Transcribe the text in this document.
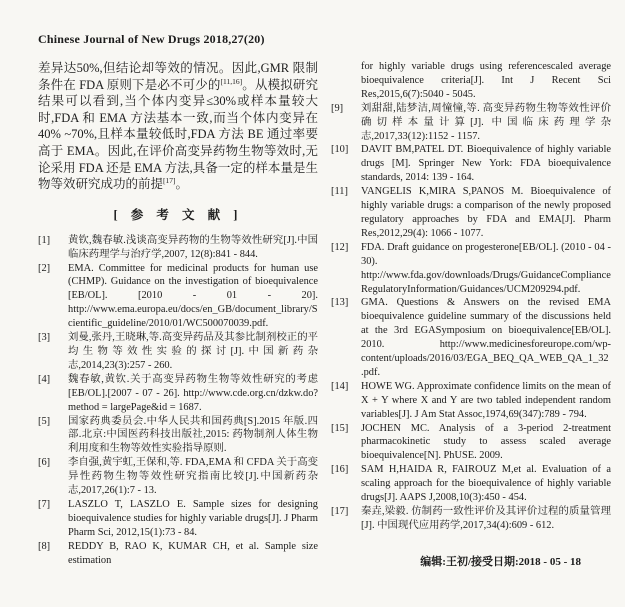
Chinese Journal of New Drugs 2018,27(20)

差异达50%,但结论却等效的情况。因此,GMR 限制条件在 FDA 原则下是必不可少的[11,16]。从模拟研究结果可以看到,当个体内变异≤30%或样本量较大时,FDA 和 EMA 方法基本一致,而当个体内变异在40% ~70%,且样本量较低时,FDA 方法 BE 通过率要高于 EMA。因此,在评价高变异药物生物等效时,无论采用 FDA 还是 EMA 方法,具备一定的样本量是生物等效研究成功的前提[17]。

[ 参 考 文 献 ]
[1]	黄钦,魏春敏.浅谈高变异药物的生物等效性研究[J].中国临床药理学与治疗学,2007, 12(8):841 - 844.
[2]	EMA. Committee for medicinal products for human use (CHMP). Guidance on the investigation of bioequivalence [EB/OL]. [2010 - 01 - 20]. http://www.ema.europa.eu/docs/en_GB/document_library/Scientific_guideline/2010/01/WC500070039.pdf.
[3]	刘曼,张丹,王晓琳,等.高变异药品及其参比制剂校正的平均生物等效性实验的探讨[J].中国新药杂志,2014,23(3):257 - 260.
[4]	魏春敏,黄钦.关于高变异药物生物等效性研究的考虑[EB/OL].[2007 - 07 - 26]. http://www.cde.org.cn/dzkw.do?method = largePage&id = 1687.
[5]	国家药典委员会.中华人民共和国药典[S].2015 年版.四部.北京:中国医药科技出版社,2015: 药物制剂人体生物利用度和生物等效性实验指导原则.
[6]	李自强,黄宇虹,王保和,等. FDA,EMA 和 CFDA 关于高变异性药物生物等效性研究指南比较[J].中国新药杂志,2017,26(1):7 - 13.
[7]	LASZLO T, LASZLO E. Sample sizes for designing bioequivalence studies for highly variable drugs[J]. J Pharm Pharm Sci, 2012,15(1):73 - 84.
[8]	REDDY B, RAO K, KUMAR CH, et al. Sample size estimation

for highly variable drugs using referencescaled average bioequivalence criteria[J]. Int J Recent Sci Res,2015,6(7):5040 - 5045.

[9]	刘甜甜,陆梦洁,周憧憧,等. 高变异药物生物等效性评价确切样本量计算[J]. 中国临床药理学杂志,2017,33(12):1152 - 1157.
[10]	DAVIT BM,PATEL DT. Bioequivalence of highly variable drugs [M]. Springer New York: FDA bioequivalence standards, 2014: 139 - 164.
[11]	VANGELIS K,MIRA S,PANOS M. Bioequivalence of highly variable drugs: a comparison of the newly proposed regulatory approaches by FDA and EMA[J]. Pharm Res,2012,29(4): 1066 - 1077.
[12]	FDA. Draft guidance on progesterone[EB/OL]. (2010 - 04 - 30). http://www.fda.gov/downloads/Drugs/GuidanceComplianceRegulatoryInformation/Guidances/UCM209294.pdf.
[13]	GMA. Questions & Answers on the revised EMA bioequivalence guideline summary of the discussions held at the 3rd EGASymposium on bioequivalence[EB/OL]. 2010. http://www.medicinesforeurope.com/wp-content/uploads/2016/03/EGA_BEQ_QA_WEB_QA_1_32.pdf.
[14]	HOWE WG. Approximate confidence limits on the mean of X + Y where X and Y are two tabled independent random variables[J]. J Am Stat Assoc,1974,69(347):789 - 794.
[15]	JOCHEN MC. Analysis of a 3-period 2-treatment pharmacokinetic study to assess scaled average bioequivalence[N]. PhUSE. 2009.
[16]	SAM H,HAIDA R, FAIROUZ M,et al. Evaluation of a scaling approach for the bioequivalence of highly variable drugs[J]. AAPS J,2008,10(3):450 - 454.
[17]	秦垚,梁毅. 仿制药一致性评价及其评价过程的质量管理[J]. 中国现代应用药学,2017,34(4):609 - 612.
编辑:王初/接受日期:2018 - 05 - 18
